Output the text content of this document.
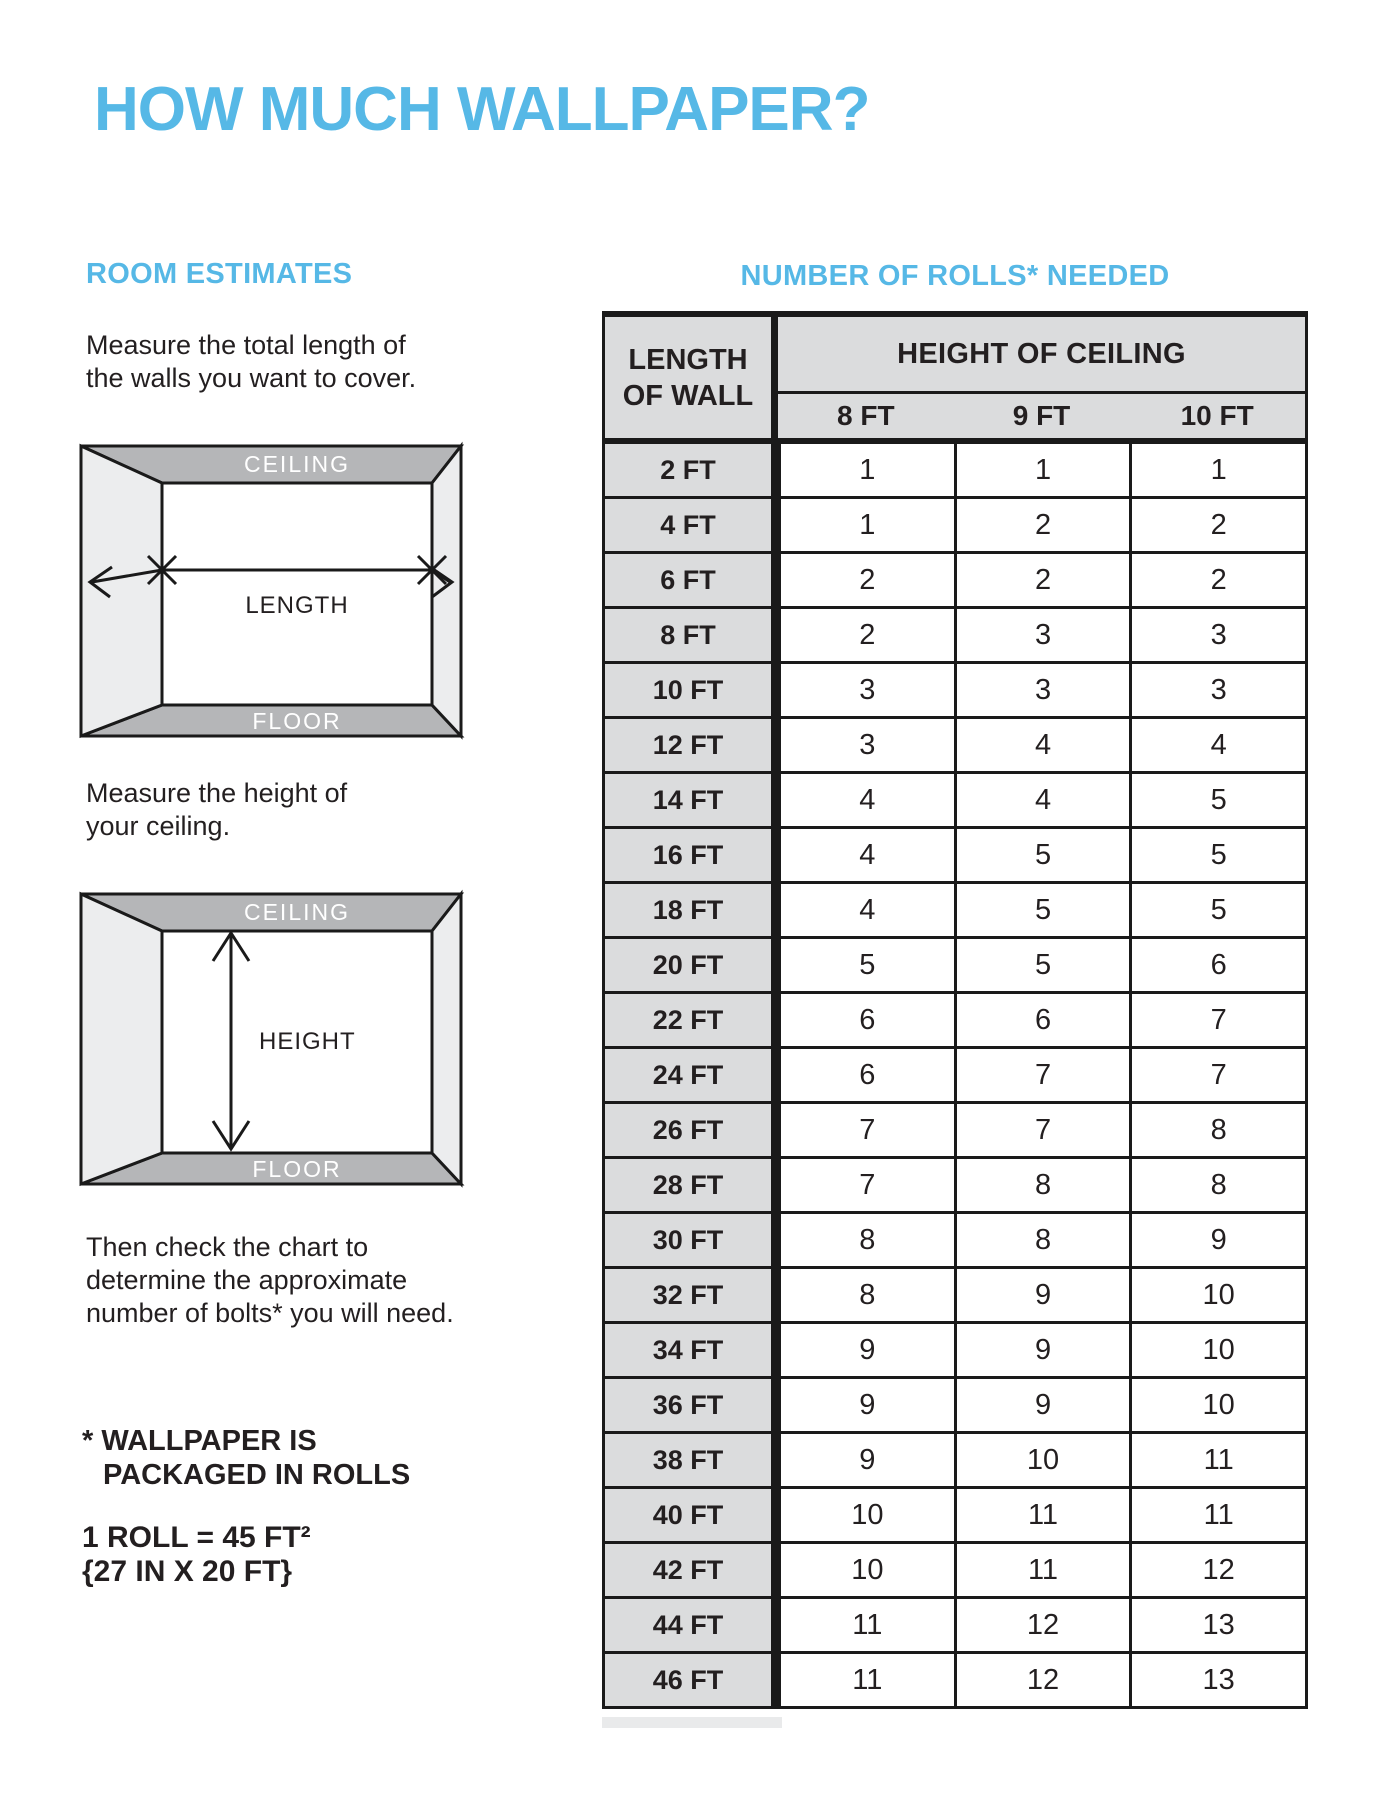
HOW MUCH WALLPAPER?
ROOM ESTIMATES
Measure the total length of
the walls you want to cover.
CEILING
FLOOR
LENGTH
Measure the height of
your ceiling.
CEILING
FLOOR
HEIGHT
Then check the chart to
determine the approximate
number of bolts* you will need.
* WALLPAPER IS
PACKAGED IN ROLLS
1 ROLL = 45 FT²
{27 IN X 20 FT}
NUMBER OF ROLLS* NEEDED
LENGTH
OF WALL
HEIGHT OF CEILING
8 FT	9 FT	10 FT
2 FT	1	1	1
4 FT	1	2	2
6 FT	2	2	2
8 FT	2	3	3
10 FT	3	3	3
12 FT	3	4	4
14 FT	4	4	5
16 FT	4	5	5
18 FT	4	5	5
20 FT	5	5	6
22 FT	6	6	7
24 FT	6	7	7
26 FT	7	7	8
28 FT	7	8	8
30 FT	8	8	9
32 FT	8	9	10
34 FT	9	9	10
36 FT	9	9	10
38 FT	9	10	11
40 FT	10	11	11
42 FT	10	11	12
44 FT	11	12	13
46 FT	11	12	13
